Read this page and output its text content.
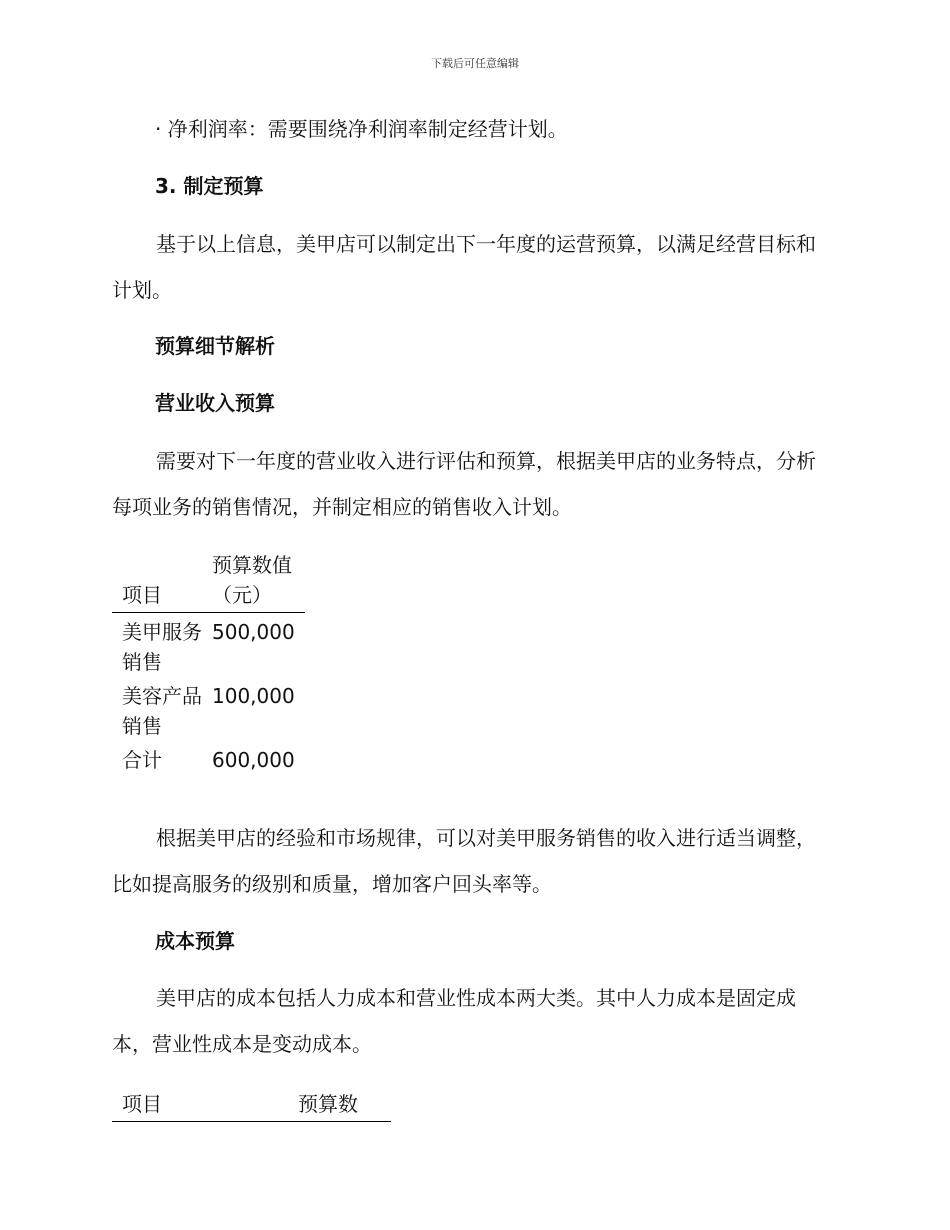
下载后可任意编辑

· 净利润率：需要围绕净利润率制定经营计划。

3. 制定预算

基于以上信息，美甲店可以制定出下一年度的运营预算，以满足经营目标和计划。

预算细节解析

营业收入预算

需要对下一年度的营业收入进行评估和预算，根据美甲店的业务特点，分析每项业务的销售情况，并制定相应的销售收入计划。

项目	预算数值（元）
美甲服务销售	500,000
美容产品销售	100,000
合计	600,000

根据美甲店的经验和市场规律，可以对美甲服务销售的收入进行适当调整，比如提高服务的级别和质量，增加客户回头率等。

成本预算

美甲店的成本包括人力成本和营业性成本两大类。其中人力成本是固定成本，营业性成本是变动成本。

项目	预算数
